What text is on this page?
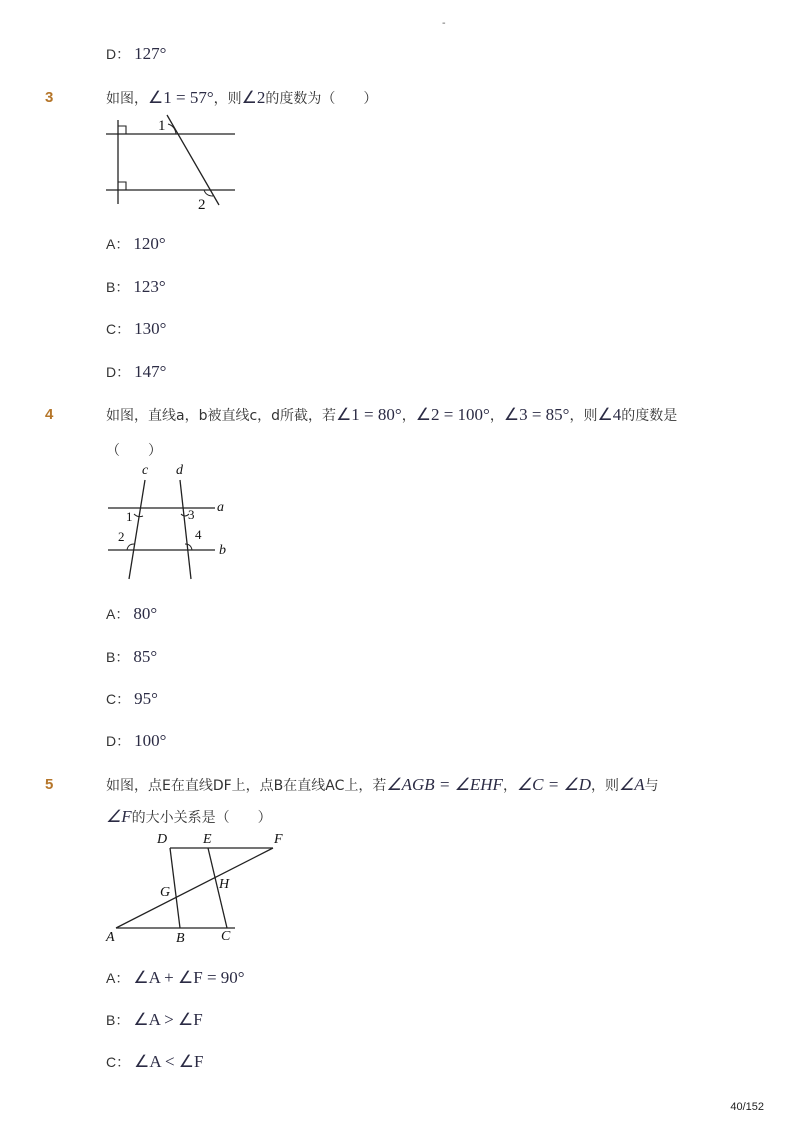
-
D： 127°
3	如图，∠1 = 57°，则∠2的度数为（　　）
1
2
A： 120°
B： 123°
C： 130°
D： 147°
4	如图，直线a，b被直线c，d所截，若∠1 = 80°，∠2 = 100°，∠3 = 85°，则∠4的度数是
（　　）
c d
a
b
1	3
2	4
A： 80°
B： 85°
C： 95°
D： 100°
5	如图，点E在直线DF上，点B在直线AC上，若∠AGB = ∠EHF，∠C = ∠D，则∠A与
∠F的大小关系是（　　）
D	E	F
G
H
A	B	C
A： ∠A + ∠F = 90°
B： ∠A > ∠F
C： ∠A < ∠F
40/152
